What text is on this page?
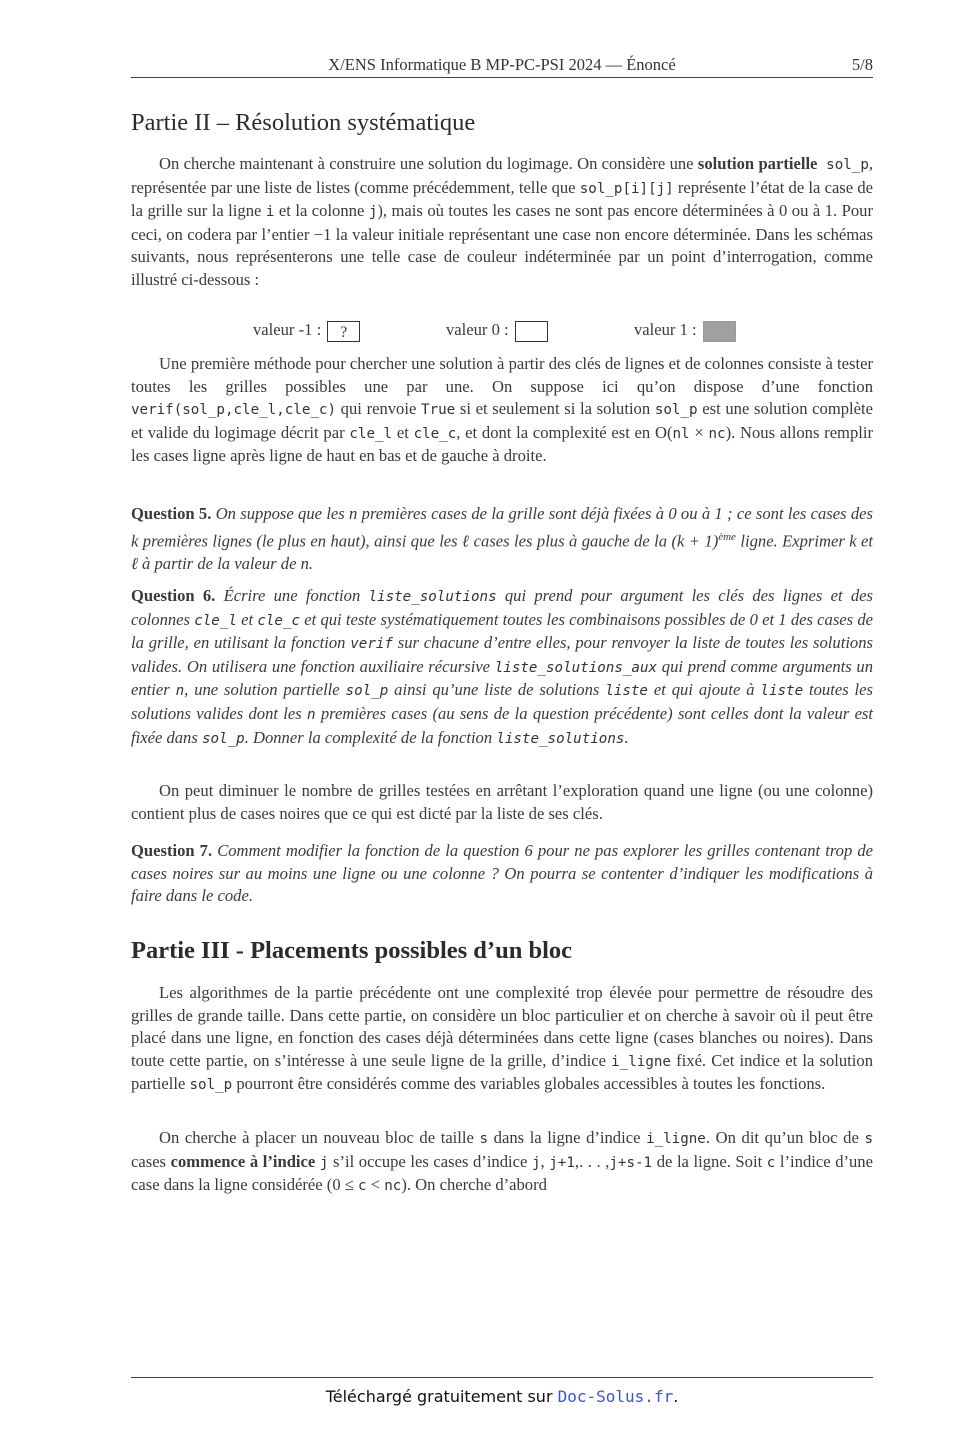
X/ENS Informatique B MP-PC-PSI 2024 — Énoncé	5/8
Partie II – Résolution systématique

On cherche maintenant à construire une solution du logimage. On considère une solution partielle sol_p, représentée par une liste de listes (comme précédemment, telle que sol_p[i][j] représente l’état de la case de la grille sur la ligne i et la colonne j), mais où toutes les cases ne sont pas encore déterminées à 0 ou à 1. Pour ceci, on codera par l’entier −1 la valeur initiale représentant une case non encore déterminée. Dans les schémas suivants, nous représenterons une telle case de couleur indéterminée par un point d’interrogation, comme illustré ci-dessous :

valeur -1 : ?	valeur 0 :	valeur 1 :

Une première méthode pour chercher une solution à partir des clés de lignes et de colonnes consiste à tester toutes les grilles possibles une par une. On suppose ici qu’on dispose d’une fonction verif(sol_p,cle_l,cle_c) qui renvoie True si et seulement si la solution sol_p est une solution complète et valide du logimage décrit par cle_l et cle_c, et dont la complexité est en O(nl × nc). Nous allons remplir les cases ligne après ligne de haut en bas et de gauche à droite.

Question 5. On suppose que les n premières cases de la grille sont déjà fixées à 0 ou à 1 ; ce sont les cases des k premières lignes (le plus en haut), ainsi que les ℓ cases les plus à gauche de la $(k + 1)^{ème}$ ligne. Exprimer k et ℓ à partir de la valeur de n.

Question 6. Écrire une fonction liste_solutions qui prend pour argument les clés des lignes et des colonnes cle_l et cle_c et qui teste systématiquement toutes les combinaisons possibles de 0 et 1 des cases de la grille, en utilisant la fonction verif sur chacune d’entre elles, pour renvoyer la liste de toutes les solutions valides. On utilisera une fonction auxiliaire récursive liste_solutions_aux qui prend comme arguments un entier n, une solution partielle sol_p ainsi qu’une liste de solutions liste et qui ajoute à liste toutes les solutions valides dont les n premières cases (au sens de la question précédente) sont celles dont la valeur est fixée dans sol_p. Donner la complexité de la fonction liste_solutions.

On peut diminuer le nombre de grilles testées en arrêtant l’exploration quand une ligne (ou une colonne) contient plus de cases noires que ce qui est dicté par la liste de ses clés.

Question 7. Comment modifier la fonction de la question 6 pour ne pas explorer les grilles contenant trop de cases noires sur au moins une ligne ou une colonne ? On pourra se contenter d’indiquer les modifications à faire dans le code.

Partie III - Placements possibles d’un bloc

Les algorithmes de la partie précédente ont une complexité trop élevée pour permettre de résoudre des grilles de grande taille. Dans cette partie, on considère un bloc particulier et on cherche à savoir où il peut être placé dans une ligne, en fonction des cases déjà déterminées dans cette ligne (cases blanches ou noires). Dans toute cette partie, on s’intéresse à une seule ligne de la grille, d’indice i_ligne fixé. Cet indice et la solution partielle sol_p pourront être considérés comme des variables globales accessibles à toutes les fonctions.

On cherche à placer un nouveau bloc de taille s dans la ligne d’indice i_ligne. On dit qu’un bloc de s cases commence à l’indice j s’il occupe les cases d’indice j, j+1,. . . ,j+s-1 de la ligne. Soit c l’indice d’une case dans la ligne considérée (0 ≤ c < nc). On cherche d’abord

Téléchargé gratuitement sur Doc-Solus.fr.
